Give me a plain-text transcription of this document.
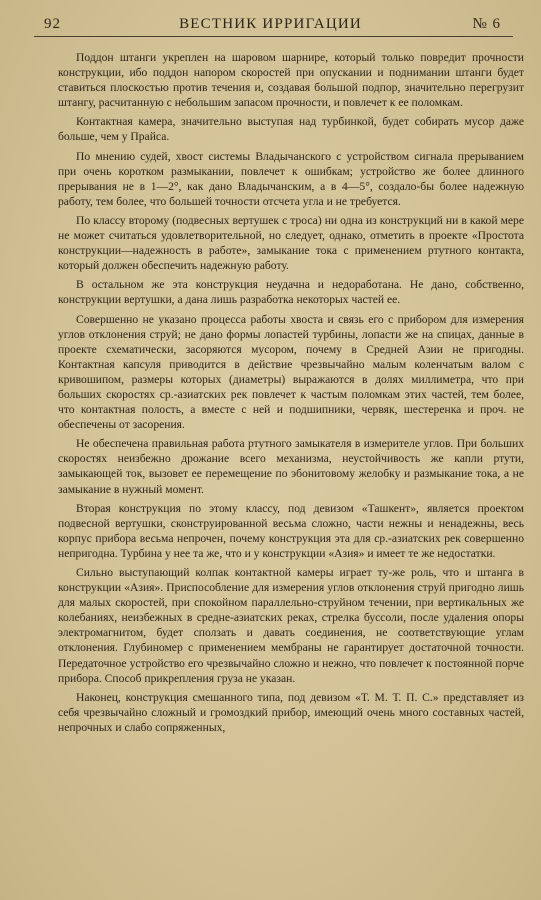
92	ВЕСТНИК ИРРИГАЦИИ	№ 6

Поддон штанги укреплен на шаровом шарнире, который только повредит прочности конструкции, ибо поддон напором скоростей при опускании и поднимании штанги будет ставиться плоскостью против течения и, создавая большой подпор, значительно перегрузит штангу, расчитанную с небольшим запасом прочности, и повлечет к ее поломкам.

Контактная камера, значительно выступая над турбинкой, будет собирать мусор даже больше, чем у Прайса.

По мнению судей, хвост системы Владычанского с устройством сигнала прерыванием при очень коротком размыкании, повлечет к ошибкам; устройство же более длинного прерывания не в 1—2°, как дано Владычанским, а в 4—5°, создало-бы более надежную работу, тем более, что большей точности отсчета угла и не требуется.

По классу второму (подвесных вертушек с троса) ни одна из конструкций ни в какой мере не может считаться удовлетворительной, но следует, однако, отметить в проекте «Простота конструкции—надежность в работе», замыкание тока с применением ртутного контакта, который должен обеспечить надежную работу.

В остальном же эта конструкция неудачна и недоработана. Не дано, собственно, конструкции вертушки, а дана лишь разработка некоторых частей ее.

Совершенно не указано процесса работы хвоста и связь его с прибором для измерения углов отклонения струй; не дано формы лопастей турбины, лопасти же на спицах, данные в проекте схематически, засоряются мусором, почему в Средней Азии не пригодны. Контактная капсуля приводится в действие чрезвычайно малым коленчатым валом с кривошипом, размеры которых (диаметры) выражаются в долях миллиметра, что при больших скоростях ср.-азиатских рек повлечет к частым поломкам этих частей, тем более, что контактная полость, а вместе с ней и подшипники, червяк, шестеренка и проч. не обеспечены от засорения.

Не обеспечена правильная работа ртутного замыкателя в измерителе углов. При больших скоростях неизбежно дрожание всего механизма, неустойчивость же капли ртути, замыкающей ток, вызовет ее перемещение по эбонитовому желобку и размыкание тока, а не замыкание в нужный момент.

Вторая конструкция по этому классу, под девизом «Ташкент», является проектом подвесной вертушки, сконструированной весьма сложно, части нежны и ненадежны, весь корпус прибора весьма непрочен, почему конструкция эта для ср.-азиатских рек совершенно непригодна. Турбина у нее та же, что и у конструкции «Азия» и имеет те же недостатки.

Сильно выступающий колпак контактной камеры играет ту-же роль, что и штанга в конструкции «Азия». Приспособление для измерения углов отклонения струй пригодно лишь для малых скоростей, при спокойном параллельно-струйном течении, при вертикальных же колебаниях, неизбежных в средне-азиатских реках, стрелка буссоли, после удаления опоры электромагнитом, будет сползать и давать соединения, не соответствующие углам отклонения. Глубиномер с применением мембраны не гарантирует достаточной точности. Передаточное устройство его чрезвычайно сложно и нежно, что повлечет к постоянной порче прибора. Способ прикрепления груза не указан.

Наконец, конструкция смешанного типа, под девизом «Т. М. Т. П. С.» представляет из себя чрезвычайно сложный и громоздкий прибор, имеющий очень много составных частей, непрочных и слабо сопряженных,
